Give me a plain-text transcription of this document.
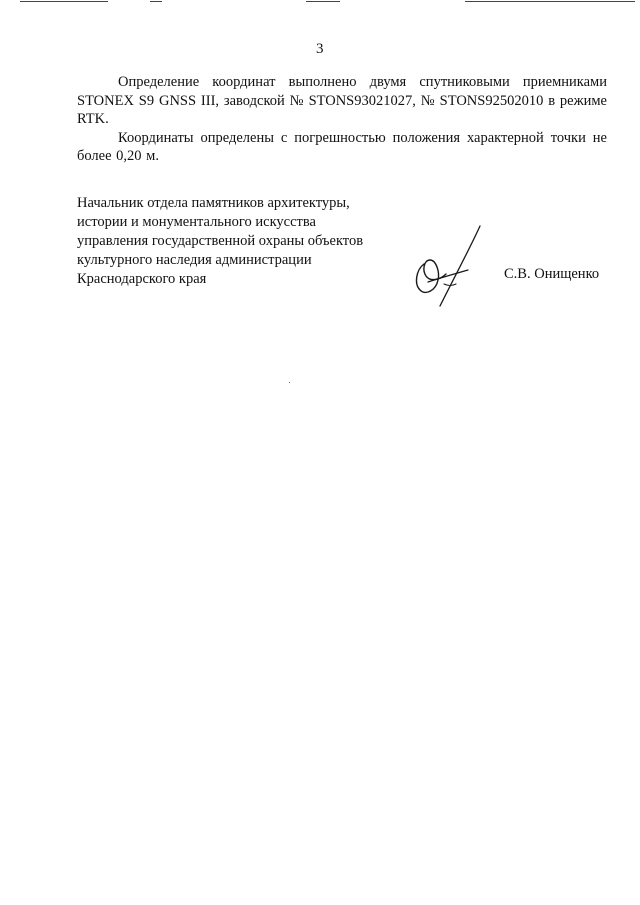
3

Определение координат выполнено двумя спутниковыми приемниками STONEX S9 GNSS III, заводской № STONS93021027, № STONS92502010 в режиме RTK.

Координаты определены с погрешностью положения характерной точки не более 0,20 м.

Начальник отдела памятников архитектуры,
истории и монументального искусства
управления государственной охраны объектов
культурного наследия администрации
Краснодарского края	С.В. Онищенко
